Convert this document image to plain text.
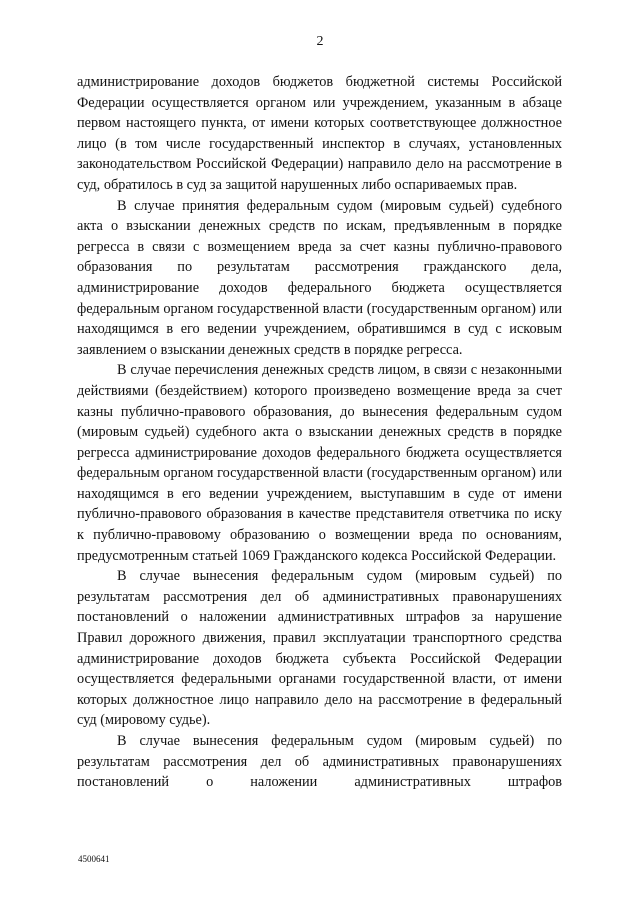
2

администрирование доходов бюджетов бюджетной системы Российской Федерации осуществляется органом или учреждением, указанным в абзаце первом настоящего пункта, от имени которых соответствующее должностное лицо (в том числе государственный инспектор в случаях, установленных законодательством Российской Федерации) направило дело на рассмотрение в суд, обратилось в суд за защитой нарушенных либо оспариваемых прав.

В случае принятия федеральным судом (мировым судьей) судебного акта о взыскании денежных средств по искам, предъявленным в порядке регресса в связи с возмещением вреда за счет казны публично-правового образования по результатам рассмотрения гражданского дела, администрирование доходов федерального бюджета осуществляется федеральным органом государственной власти (государственным органом) или находящимся в его ведении учреждением, обратившимся в суд с исковым заявлением о взыскании денежных средств в порядке регресса.

В случае перечисления денежных средств лицом, в связи с незаконными действиями (бездействием) которого произведено возмещение вреда за счет казны публично-правового образования, до вынесения федеральным судом (мировым судьей) судебного акта о взыскании денежных средств в порядке регресса администрирование доходов федерального бюджета осуществляется федеральным органом государственной власти (государственным органом) или находящимся в его ведении учреждением, выступавшим в суде от имени публично-правового образования в качестве представителя ответчика по иску к публично-правовому образованию о возмещении вреда по основаниям, предусмотренным статьей 1069 Гражданского кодекса Российской Федерации.

В случае вынесения федеральным судом (мировым судьей) по результатам рассмотрения дел об административных правонарушениях постановлений о наложении административных штрафов за нарушение Правил дорожного движения, правил эксплуатации транспортного средства администрирование доходов бюджета субъекта Российской Федерации осуществляется федеральными органами государственной власти, от имени которых должностное лицо направило дело на рассмотрение в федеральный суд (мировому судье).

В случае вынесения федеральным судом (мировым судьей) по результатам рассмотрения дел об административных правонарушениях постановлений о наложении административных штрафов

4500641
